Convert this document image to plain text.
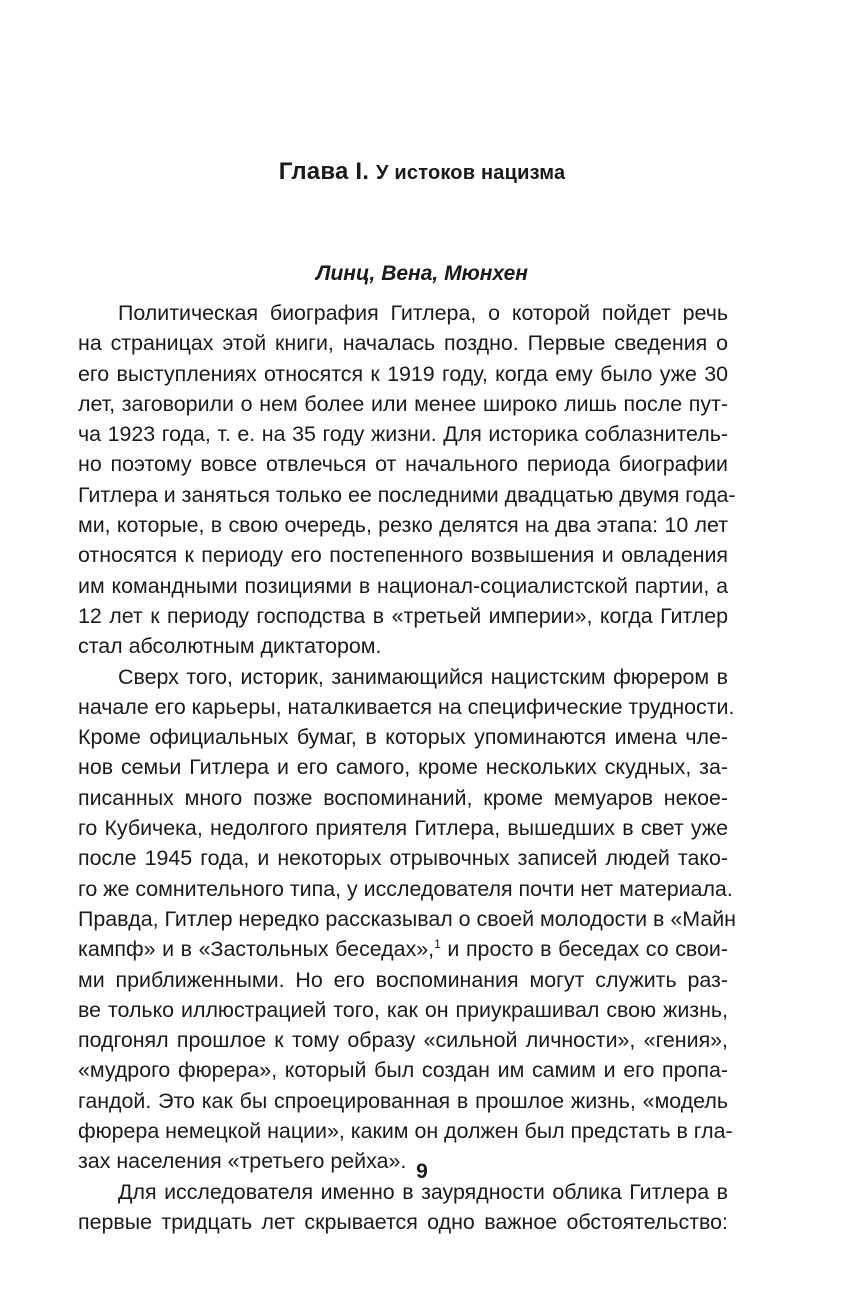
Глава I. У истоков нацизма
Линц, Вена, Мюнхен
Политическая биография Гитлера, о которой пойдет речь
на страницах этой книги, началась поздно. Первые сведения о
его выступлениях относятся к 1919 году, когда ему было уже 30
лет, заговорили о нем более или менее широко лишь после пут-
ча 1923 года, т. е. на 35 году жизни. Для историка соблазнитель-
но поэтому вовсе отвлечься от начального периода биографии
Гитлера и заняться только ее последними двадцатью двумя года-
ми, которые, в свою очередь, резко делятся на два этапа: 10 лет
относятся к периоду его постепенного возвышения и овладения
им командными позициями в национал-социалистской партии, а
12 лет к периоду господства в «третьей империи», когда Гитлер
стал абсолютным диктатором.
Сверх того, историк, занимающийся нацистским фюрером в
начале его карьеры, наталкивается на специфические трудности.
Кроме официальных бумаг, в которых упоминаются имена чле-
нов семьи Гитлера и его самого, кроме нескольких скудных, за-
писанных много позже воспоминаний, кроме мемуаров некое-
го Кубичека, недолгого приятеля Гитлера, вышедших в свет уже
после 1945 года, и некоторых отрывочных записей людей тако-
го же сомнительного типа, у исследователя почти нет материала.
Правда, Гитлер нередко рассказывал о своей молодости в «Майн
кампф» и в «Застольных беседах»,$^1$ и просто в беседах со свои-
ми приближенными. Но его воспоминания могут служить раз-
ве только иллюстрацией того, как он приукрашивал свою жизнь,
подгонял прошлое к тому образу «сильной личности», «гения»,
«мудрого фюрера», который был создан им самим и его пропа-
гандой. Это как бы спроецированная в прошлое жизнь, «модель
фюрера немецкой нации», каким он должен был предстать в гла-
зах населения «третьего рейха».
Для исследователя именно в заурядности облика Гитлера в
первые тридцать лет скрывается одно важное обстоятельство:
9
